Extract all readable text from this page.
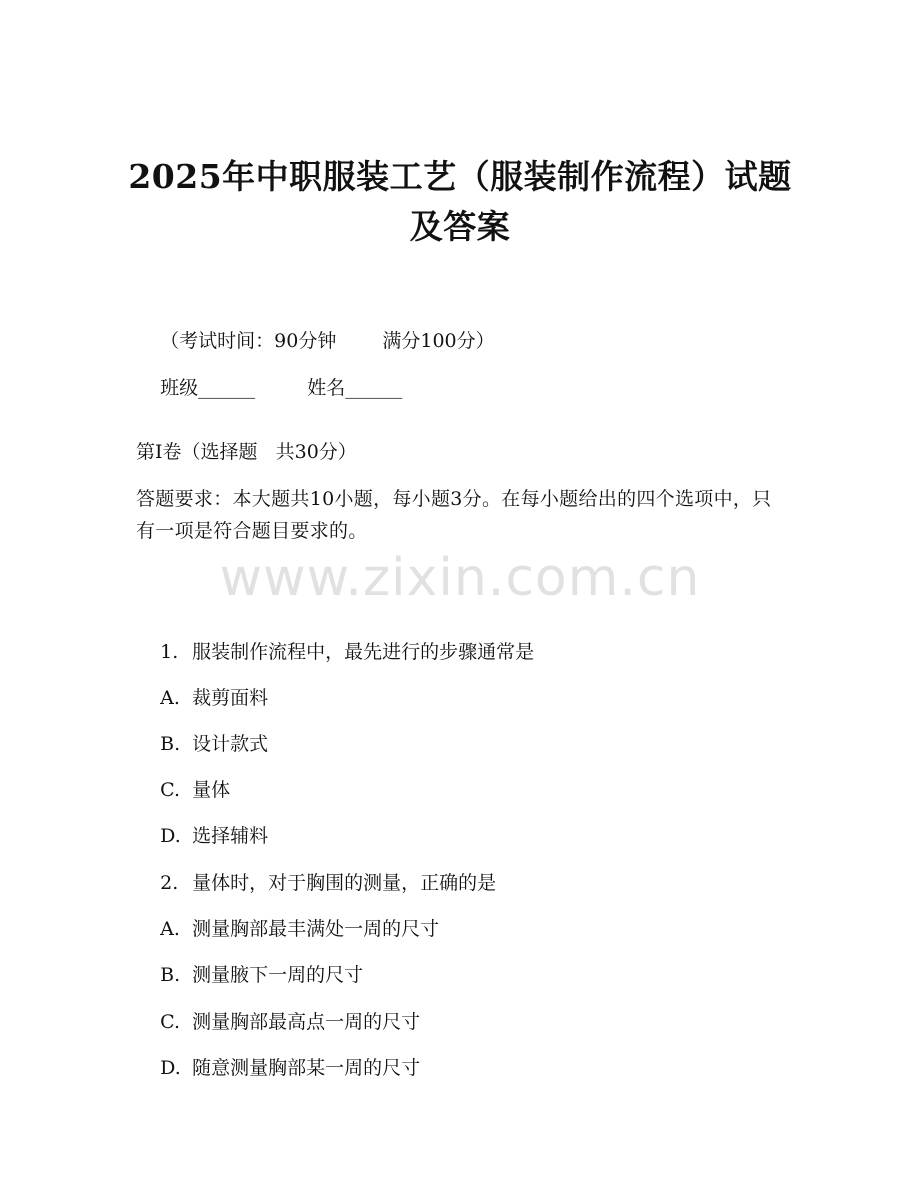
2025年中职服装工艺（服装制作流程）试题
及答案

（考试时间：90分钟 满分100分）

班级______	姓名______

第I卷（选择题   共30分）
答题要求：本大题共10小题，每小题3分。在每小题给出的四个选项中，只有一项是符合题目要求的。
www.zixin.com.cn

1. 服装制作流程中，最先进行的步骤通常是

A. 裁剪面料

B. 设计款式

C. 量体

D. 选择辅料

2. 量体时，对于胸围的测量，正确的是

A. 测量胸部最丰满处一周的尺寸

B. 测量腋下一周的尺寸

C. 测量胸部最高点一周的尺寸

D. 随意测量胸部某一周的尺寸
